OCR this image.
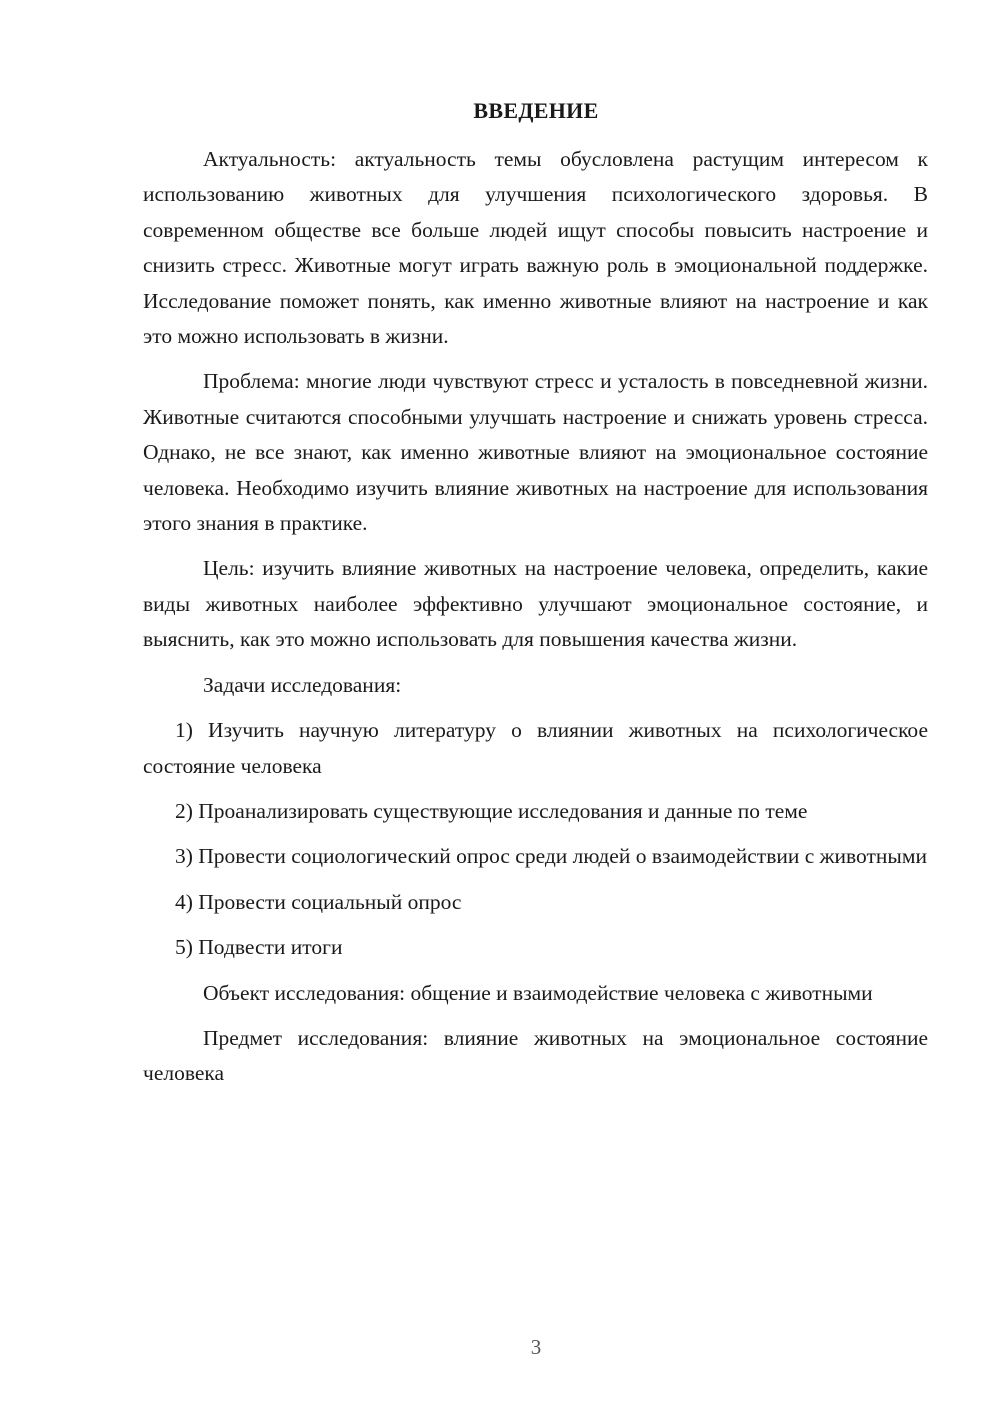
ВВЕДЕНИЕ

Актуальность: актуальность темы обусловлена растущим интересом к использованию животных для улучшения психологического здоровья. В современном обществе все больше людей ищут способы повысить настроение и снизить стресс. Животные могут играть важную роль в эмоциональной поддержке. Исследование поможет понять, как именно животные влияют на настроение и как это можно использовать в жизни.

Проблема: многие люди чувствуют стресс и усталость в повседневной жизни. Животные считаются способными улучшать настроение и снижать уровень стресса. Однако, не все знают, как именно животные влияют на эмоциональное состояние человека. Необходимо изучить влияние животных на настроение для использования этого знания в практике.

Цель: изучить влияние животных на настроение человека, определить, какие виды животных наиболее эффективно улучшают эмоциональное состояние, и выяснить, как это можно использовать для повышения качества жизни.

Задачи исследования:

1) Изучить научную литературу о влиянии животных на психологическое состояние человека

2) Проанализировать существующие исследования и данные по теме

3) Провести социологический опрос среди людей о взаимодействии с животными

4) Провести социальный опрос

5) Подвести итоги

Объект исследования: общение и взаимодействие человека с животными

Предмет исследования: влияние животных на эмоциональное состояние человека

3
